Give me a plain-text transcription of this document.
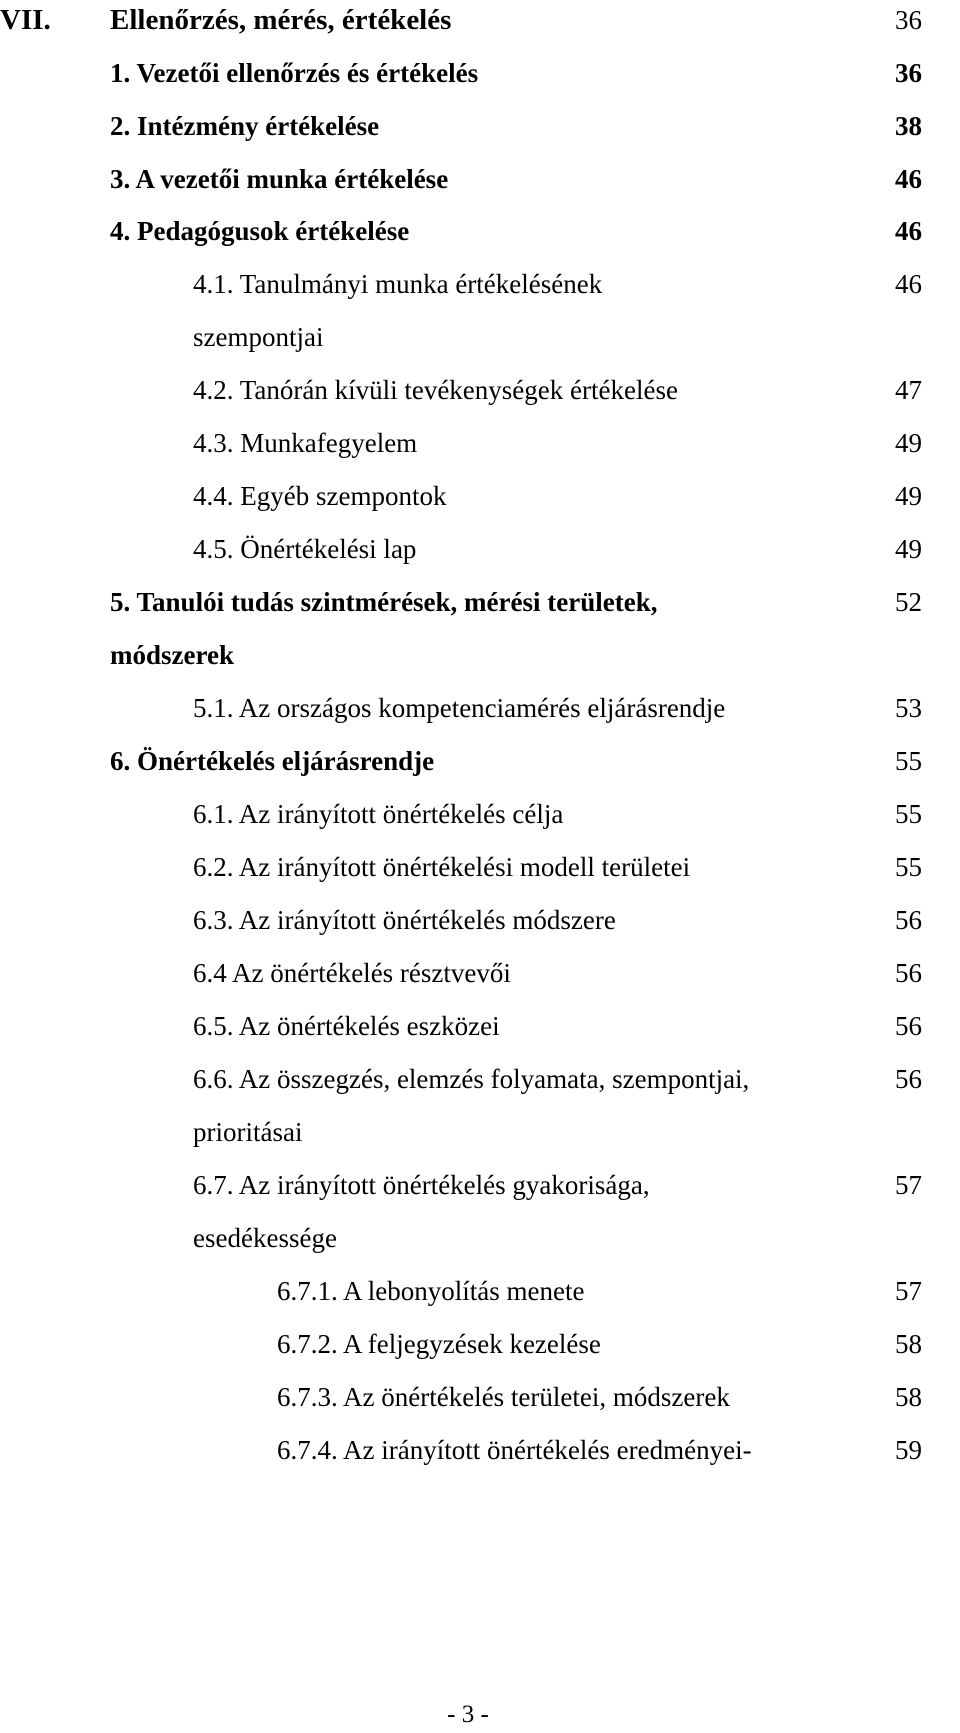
VII. Ellenőrzés, mérés, értékelés	36
1. Vezetői ellenőrzés és értékelés	36
2. Intézmény értékelése	38
3. A vezetői munka értékelése	46
4. Pedagógusok értékelése	46
4.1. Tanulmányi munka értékelésének	46
szempontjai
4.2. Tanórán kívüli tevékenységek értékelése	47
4.3. Munkafegyelem	49
4.4. Egyéb szempontok	49
4.5. Önértékelési lap	49
5. Tanulói tudás szintmérések, mérési területek,	52
módszerek
5.1. Az országos kompetenciamérés eljárásrendje	53
6. Önértékelés eljárásrendje	55
6.1. Az irányított önértékelés célja	55
6.2. Az irányított önértékelési modell területei	55
6.3. Az irányított önértékelés módszere	56
6.4 Az önértékelés résztvevői	56
6.5. Az önértékelés eszközei	56
6.6. Az összegzés, elemzés folyamata, szempontjai,	56
prioritásai
6.7. Az irányított önértékelés gyakorisága,	57
esedékessége
6.7.1. A lebonyolítás menete	57
6.7.2. A feljegyzések kezelése	58
6.7.3. Az önértékelés területei, módszerek	58
6.7.4. Az irányított önértékelés eredményei-	59
- 3 -
